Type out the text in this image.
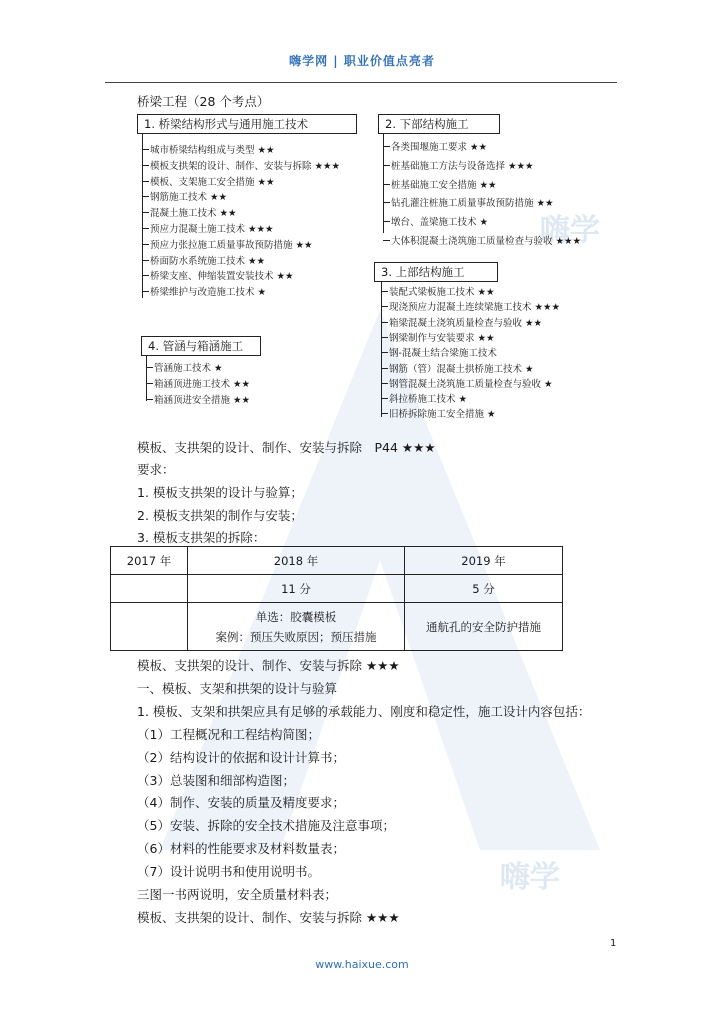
嗨学
嗨学
嗨学网 | 职业价值点亮者
桥梁工程（28 个考点）
1. 桥梁结构形式与通用施工技术
城市桥梁结构组成与类型 ★★
模板支拱架的设计、制作、安装与拆除 ★★★
模板、支架施工安全措施 ★★
钢筋施工技术 ★★
混凝土施工技术 ★★
预应力混凝土施工技术 ★★★
预应力张拉施工质量事故预防措施 ★★
桥面防水系统施工技术 ★★
桥梁支座、伸缩装置安装技术 ★★
桥梁维护与改造施工技术 ★
2. 下部结构施工
各类围堰施工要求 ★★
桩基础施工方法与设备选择 ★★★
桩基础施工安全措施 ★★
钻孔灌注桩施工质量事故预防措施 ★★
墩台、盖梁施工技术 ★
大体积混凝土浇筑施工质量检查与验收 ★★★
3. 上部结构施工
装配式梁板施工技术 ★★
现浇预应力混凝土连续梁施工技术 ★★★
箱梁混凝土浇筑质量检查与验收 ★★
钢梁制作与安装要求 ★★
钢-混凝土结合梁施工技术
钢筋（管）混凝土拱桥施工技术 ★
钢管混凝土浇筑施工质量检查与验收 ★
斜拉桥施工技术 ★
旧桥拆除施工安全措施 ★
4. 管涵与箱涵施工
管涵施工技术 ★
箱涵顶进施工技术 ★★
箱涵顶进安全措施 ★★
模板、支拱架的设计、制作、安装与拆除　P44 ★★★
要求：
1. 模板支拱架的设计与验算；
2. 模板支拱架的制作与安装；
3. 模板支拱架的拆除：
2017 年	2018 年	2019 年
	11 分	5 分

	单选：胶囊模板
案例：预压失败原因；预压措施	通航孔的安全防护措施
模板、支拱架的设计、制作、安装与拆除 ★★★
一、模板、支架和拱架的设计与验算
1. 模板、支架和拱架应具有足够的承载能力、刚度和稳定性，施工设计内容包括：
（1）工程概况和工程结构简图；
（2）结构设计的依据和设计计算书；
（3）总装图和细部构造图；
（4）制作、安装的质量及精度要求；
（5）安装、拆除的安全技术措施及注意事项；
（6）材料的性能要求及材料数量表；
（7）设计说明书和使用说明书。
三图一书两说明，安全质量材料表；
模板、支拱架的设计、制作、安装与拆除 ★★★
1
www.haixue.com
